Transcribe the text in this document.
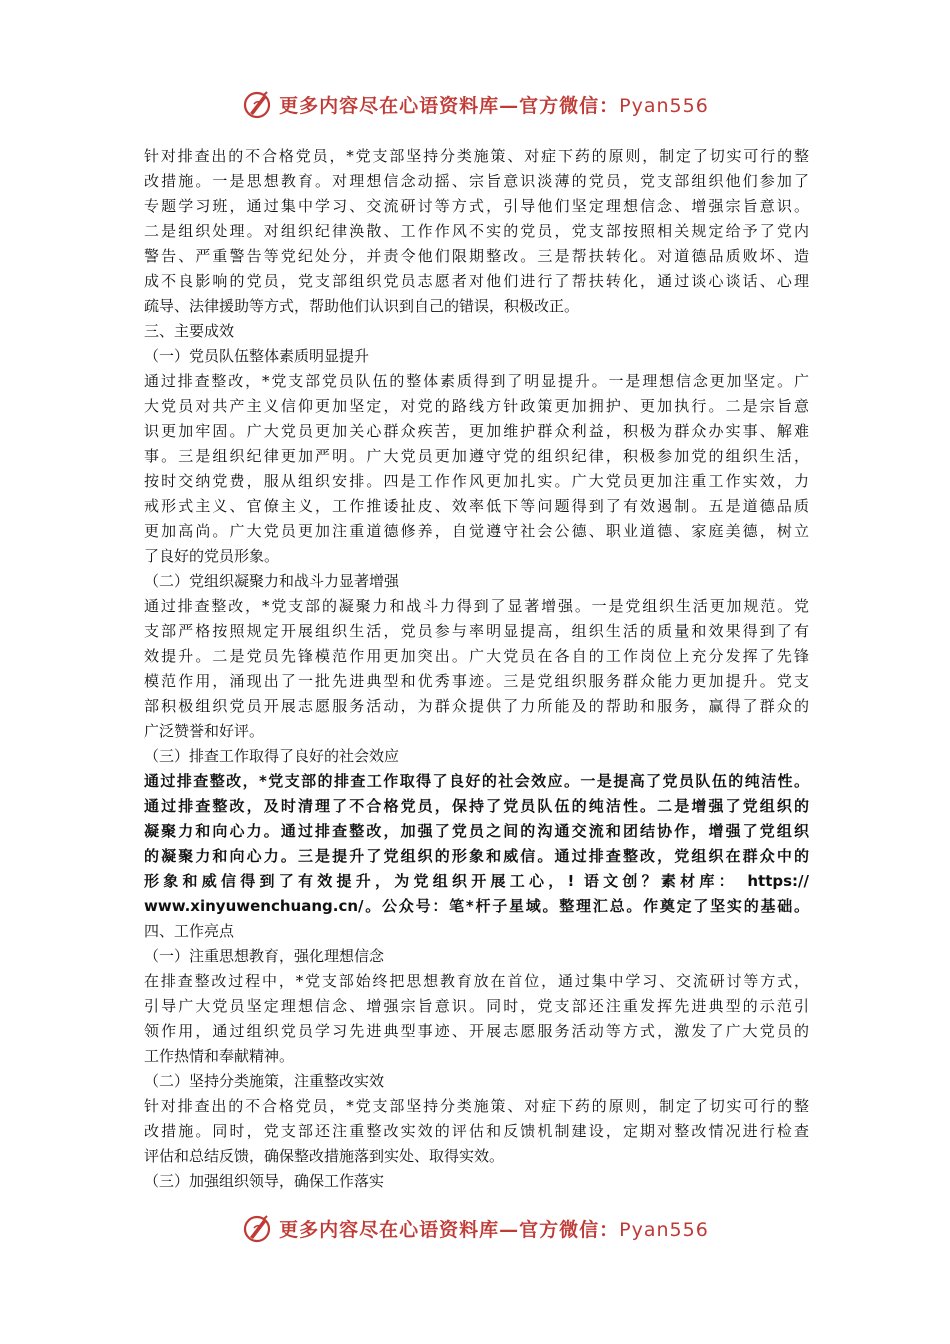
更多内容尽在心语资料库—官方微信：Pyan556
针对排查出的不合格党员，*党支部坚持分类施策、对症下药的原则，制定了切实可行的整
改措施。一是思想教育。对理想信念动摇、宗旨意识淡薄的党员，党支部组织他们参加了
专题学习班，通过集中学习、交流研讨等方式，引导他们坚定理想信念、增强宗旨意识。
二是组织处理。对组织纪律涣散、工作作风不实的党员，党支部按照相关规定给予了党内
警告、严重警告等党纪处分，并责令他们限期整改。三是帮扶转化。对道德品质败坏、造
成不良影响的党员，党支部组织党员志愿者对他们进行了帮扶转化，通过谈心谈话、心理
疏导、法律援助等方式，帮助他们认识到自己的错误，积极改正。
三、主要成效
（一）党员队伍整体素质明显提升
通过排查整改，*党支部党员队伍的整体素质得到了明显提升。一是理想信念更加坚定。广
大党员对共产主义信仰更加坚定，对党的路线方针政策更加拥护、更加执行。二是宗旨意
识更加牢固。广大党员更加关心群众疾苦，更加维护群众利益，积极为群众办实事、解难
事。三是组织纪律更加严明。广大党员更加遵守党的组织纪律，积极参加党的组织生活，
按时交纳党费，服从组织安排。四是工作作风更加扎实。广大党员更加注重工作实效，力
戒形式主义、官僚主义，工作推诿扯皮、效率低下等问题得到了有效遏制。五是道德品质
更加高尚。广大党员更加注重道德修养，自觉遵守社会公德、职业道德、家庭美德，树立
了良好的党员形象。
（二）党组织凝聚力和战斗力显著增强
通过排查整改，*党支部的凝聚力和战斗力得到了显著增强。一是党组织生活更加规范。党
支部严格按照规定开展组织生活，党员参与率明显提高，组织生活的质量和效果得到了有
效提升。二是党员先锋模范作用更加突出。广大党员在各自的工作岗位上充分发挥了先锋
模范作用，涌现出了一批先进典型和优秀事迹。三是党组织服务群众能力更加提升。党支
部积极组织党员开展志愿服务活动，为群众提供了力所能及的帮助和服务，赢得了群众的
广泛赞誉和好评。
（三）排查工作取得了良好的社会效应
通过排查整改，*党支部的排查工作取得了良好的社会效应。一是提高了党员队伍的纯洁性。
通过排查整改，及时清理了不合格党员，保持了党员队伍的纯洁性。二是增强了党组织的
凝聚力和向心力。通过排查整改，加强了党员之间的沟通交流和团结协作，增强了党组织
的凝聚力和向心力。三是提升了党组织的形象和威信。通过排查整改，党组织在群众中的
形象和威信得到了有效提升，为党组织开展工心，! 语文创？素材库： https://
www.xinyuwenchuang.cn/。公众号：笔*杆子星域。整理汇总。作奠定了坚实的基础。
四、工作亮点
（一）注重思想教育，强化理想信念
在排查整改过程中，*党支部始终把思想教育放在首位，通过集中学习、交流研讨等方式，
引导广大党员坚定理想信念、增强宗旨意识。同时，党支部还注重发挥先进典型的示范引
领作用，通过组织党员学习先进典型事迹、开展志愿服务活动等方式，激发了广大党员的
工作热情和奉献精神。
（二）坚持分类施策，注重整改实效
针对排查出的不合格党员，*党支部坚持分类施策、对症下药的原则，制定了切实可行的整
改措施。同时，党支部还注重整改实效的评估和反馈机制建设，定期对整改情况进行检查
评估和总结反馈，确保整改措施落到实处、取得实效。
（三）加强组织领导，确保工作落实
更多内容尽在心语资料库—官方微信：Pyan556
